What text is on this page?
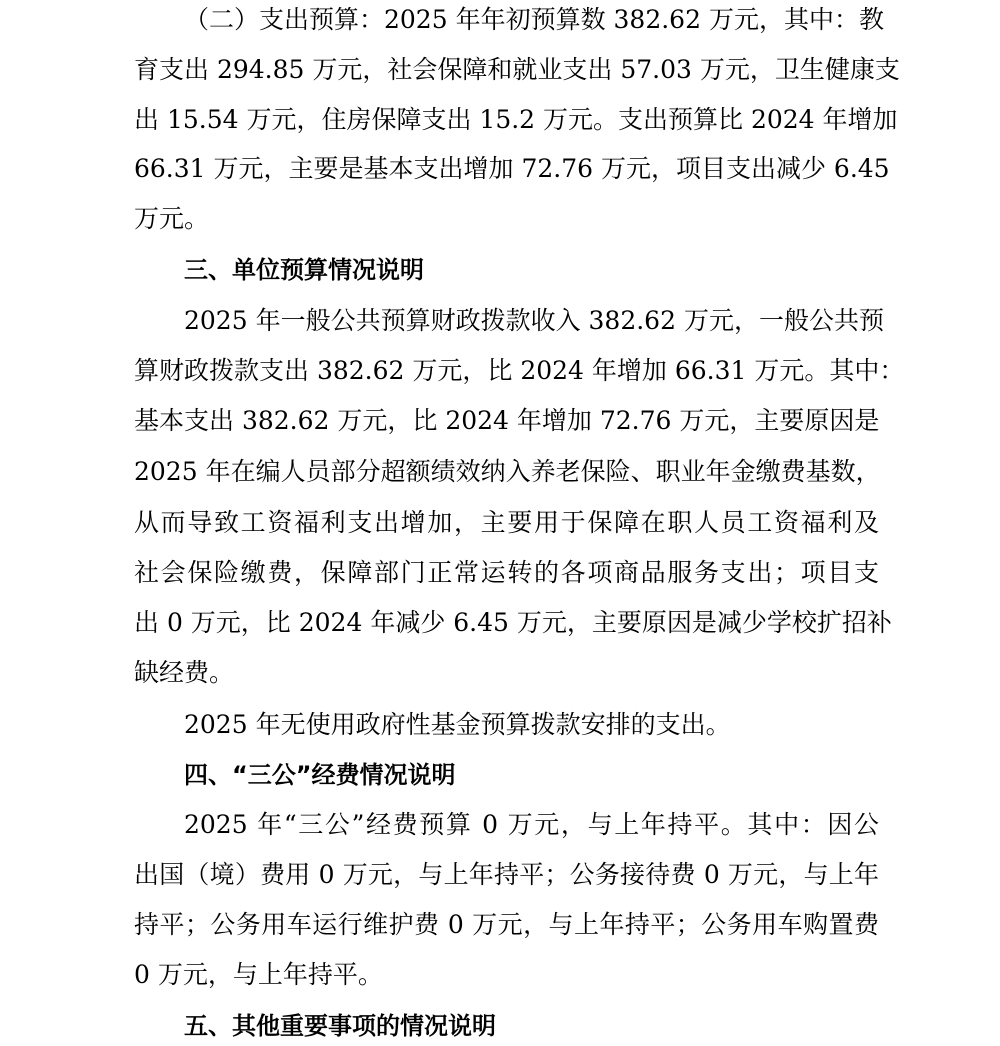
（二）支出预算：2025 年年初预算数 382.62 万元，其中：教
育支出 294.85 万元，社会保障和就业支出 57.03 万元，卫生健康支
出 15.54 万元，住房保障支出 15.2 万元。支出预算比 2024 年增加
66.31 万元，主要是基本支出增加 72.76 万元，项目支出减少 6.45
万元。
三、单位预算情况说明
2025 年一般公共预算财政拨款收入 382.62 万元，一般公共预
算财政拨款支出 382.62 万元，比 2024 年增加 66.31 万元。其中：
基本支出 382.62 万元，比 2024 年增加 72.76 万元，主要原因是
2025 年在编人员部分超额绩效纳入养老保险、职业年金缴费基数，
从而导致工资福利支出增加，主要用于保障在职人员工资福利及
社会保险缴费，保障部门正常运转的各项商品服务支出；项目支
出 0 万元，比 2024 年减少 6.45 万元，主要原因是减少学校扩招补
缺经费。
2025 年无使用政府性基金预算拨款安排的支出。
四、“三公”经费情况说明
2025 年“三公”经费预算 0 万元，与上年持平。其中：因公
出国（境）费用 0 万元，与上年持平；公务接待费 0 万元，与上年
持平；公务用车运行维护费 0 万元，与上年持平；公务用车购置费
0 万元，与上年持平。
五、其他重要事项的情况说明
